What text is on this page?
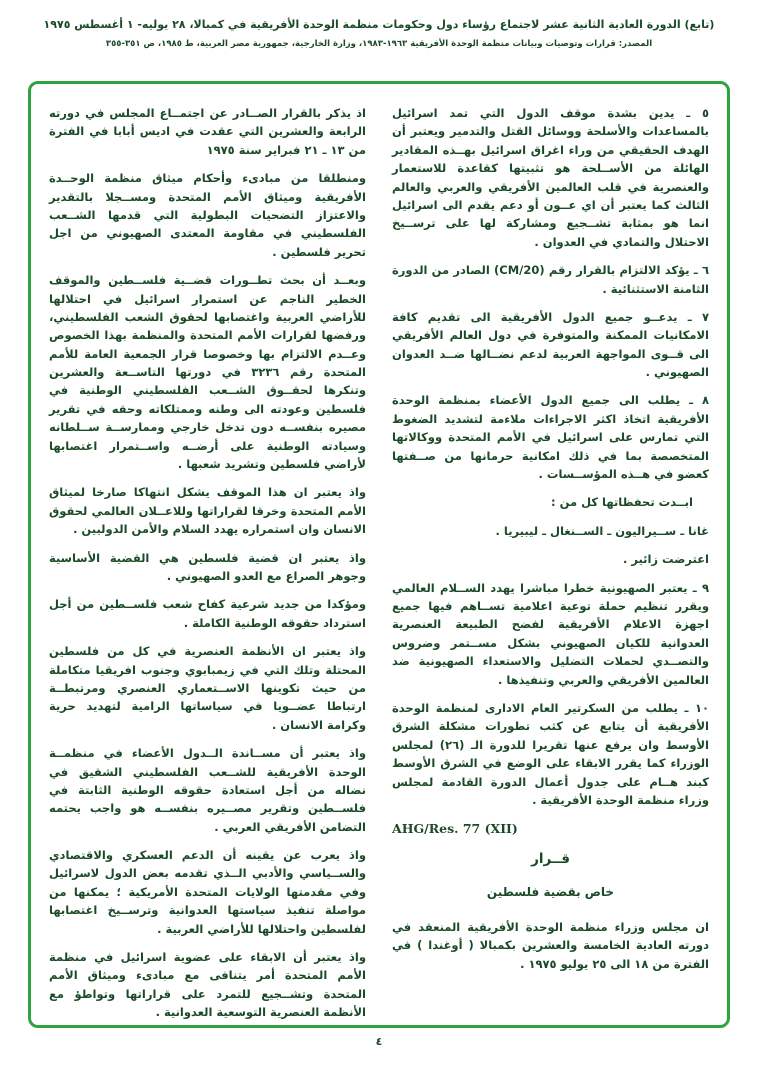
(تابع) الدورة العادية الثانية عشر لاجتماع رؤساء دول وحكومات منظمة الوحدة الأفريقية في كمبالا، ٢٨ يوليه- ١ أغسطس ١٩٧٥
المصدر: قرارات وتوصيات وبيانات منظمة الوحدة الأفريقية ١٩٦٣-١٩٨٣، وزارة الخارجية، جمهورية مصر العربية، ط ١٩٨٥، ص ٣٥١-٣٥٥

٥ ـ يدين بشدة موقف الدول التي تمد اسرائيل بالمساعدات والأسلحة ووسائل القتل والتدمير ويعتبر أن الهدف الحقيقي من وراء اغراق اسرائيل بهــذه المقادير الهائلة من الأســلحة هو تثبيتها كقاعدة للاستعمار والعنصرية في قلب العالمين الأفريقي والعربي والعالم الثالث كما يعتبر أن اي عــون أو دعم يقدم الى اسرائيل انما هو بمثابة تشــجيع ومشاركة لها على ترســيخ الاحتلال والتمادي في العدوان .

٦ ـ يؤكد الالتزام بالقرار رقم (CM/20) الصادر من الدورة الثامنة الاستثنائية .

٧ ـ يدعــو جميع الدول الأفريقية الى تقديم كافة الامكانيات الممكنة والمتوفرة في دول العالم الأفريقي الى قــوى المواجهة العربية لدعم نضــالها ضــد العدوان الصهيوني .

٨ ـ يطلب الى جميع الدول الأعضاء بمنظمة الوحدة الأفريقية اتخاذ اكثر الاجراءات ملاءمة لتشديد الضغوط التي تمارس على اسرائيل في الأمم المتحدة ووكالاتها المتخصصة بما في ذلك امكانية حرمانها من صــفتها كعضو في هــذه المؤســسات .

ابــدت تحفظاتها كل من :

غانا ـ ســيراليون ـ الســنغال ـ ليبيريا .

اعترضت زائير .

٩ ـ يعتبر الصهيونية خطرا مباشرا يهدد الســلام العالمي ويقرر تنظيم حملة توعية اعلامية تســاهم فيها جميع اجهزة الاعلام الأفريقية لفضح الطبيعة العنصرية العدوانية للكيان الصهيوني بشكل مســتمر وضروس والتصــدي لحملات التضليل والاستعداء الصهيونية ضد العالمين الأفريقي والعربي وتنفيذها .

١٠ ـ يطلب من السكرتير العام الادارى لمنظمة الوحدة الأفريقية أن يتابع عن كثب تطورات مشكلة الشرق الأوسط وان يرفع عنها تقريرا للدورة الـ (٢٦) لمجلس الوزراء كما يقرر الابقاء على الوضع في الشرق الأوسط كبند هــام على جدول أعمال الدورة القادمة لمجلس وزراء منظمة الوحدة الأفريقية .

AHG/Res. 77 (XII)

قــرار
خاص بقضية فلسطين

ان مجلس وزراء منظمة الوحدة الأفريقية المنعقد في دورته العادية الخامسة والعشرين بكمبالا ( أوغندا ) في الفترة من ١٨ الى ٢٥ يوليو ١٩٧٥ .

اذ يذكر بالقرار الصــادر عن اجتمــاع المجلس في دورته الرابعة والعشرين التي عقدت في اديس أبابا في الفترة من ١٣ ـ ٢١ فبراير سنة ١٩٧٥

ومنطلقا من مبادىء وأحكام ميثاق منظمة الوحــدة الأفريقية وميثاق الأمم المتحدة ومســجلا بالتقدير والاعتزاز التضحيات البطولية التي قدمها الشــعب الفلسطيني في مقاومة المعتدى الصهيوني من اجل تحرير فلسطين .

وبعــد أن بحث تطــورات قضــية فلســطين والموقف الخطير الناجم عن استمرار اسرائيل في احتلالها للأراضي العربية واغتصابها لحقوق الشعب الفلسطيني، ورفضها لقرارات الأمم المتحدة والمنظمة بهذا الخصوص وعــدم الالتزام بها وخصوصا قرار الجمعية العامة للأمم المتحدة رقم ٣٢٣٦ في دورتها التاســعة والعشرين وتنكرها لحقــوق الشــعب الفلسطيني الوطنية في فلسطين وعودته الى وطنه وممتلكاته وحقه في تقرير مصيره بنفســه دون تدخل خارجي وممارســة ســلطانه وسيادته الوطنية على أرضــه واســتمرار اغتصابها لأراضي فلسطين وتشريد شعبها .

واذ يعتبر ان هذا الموقف يشكل انتهاكا صارخا لميثاق الأمم المتحدة وخرقا لقراراتها وللاعــلان العالمي لحقوق الانسان وان استمراره يهدد السلام والأمن الدوليين .

واذ يعتبر ان قضية فلسطين هي القضية الأساسية وجوهر الصراع مع العدو الصهيوني .

ومؤكدا من جديد شرعية كفاح شعب فلســطين من أجل استرداد حقوقه الوطنية الكاملة .

واذ يعتبر ان الأنظمة العنصرية في كل من فلسطين المحتلة وتلك التي في زيمبابوي وجنوب افريقيا متكاملة من حيث تكوينها الاســتعماري العنصري ومرتبطــة ارتباطا عضــويا في سياساتها الرامية لتهديد حرية وكرامة الانسان .

واذ يعتبر أن مســاندة الــدول الأعضاء في منظمــة الوحدة الأفريقية للشــعب الفلسطيني الشقيق في نضاله من أجل استعادة حقوقه الوطنية الثابتة في فلســطين وتقرير مصــيره بنفســه هو واجب يحتمه التضامن الأفريقي العربي .

واذ يعرب عن يقينه أن الدعم العسكري والاقتصادي والســياسي والأدبي الــذي تقدمه بعض الدول لاسرائيل وفي مقدمتها الولايات المتحدة الأمريكية ؛ يمكنها من مواصلة تنفيذ سياستها العدوانية وترســيخ اغتصابها لفلسطين واحتلالها للأراضي العربية .

واذ يعتبر أن الابقاء على عضوية اسرائيل في منظمة الأمم المتحدة أمر يتنافى مع مبادىء وميثاق الأمم المتحدة وتشــجيع للتمرد على قراراتها وتواطؤ مع الأنظمة العنصرية التوسعية العدوانية .

٤
